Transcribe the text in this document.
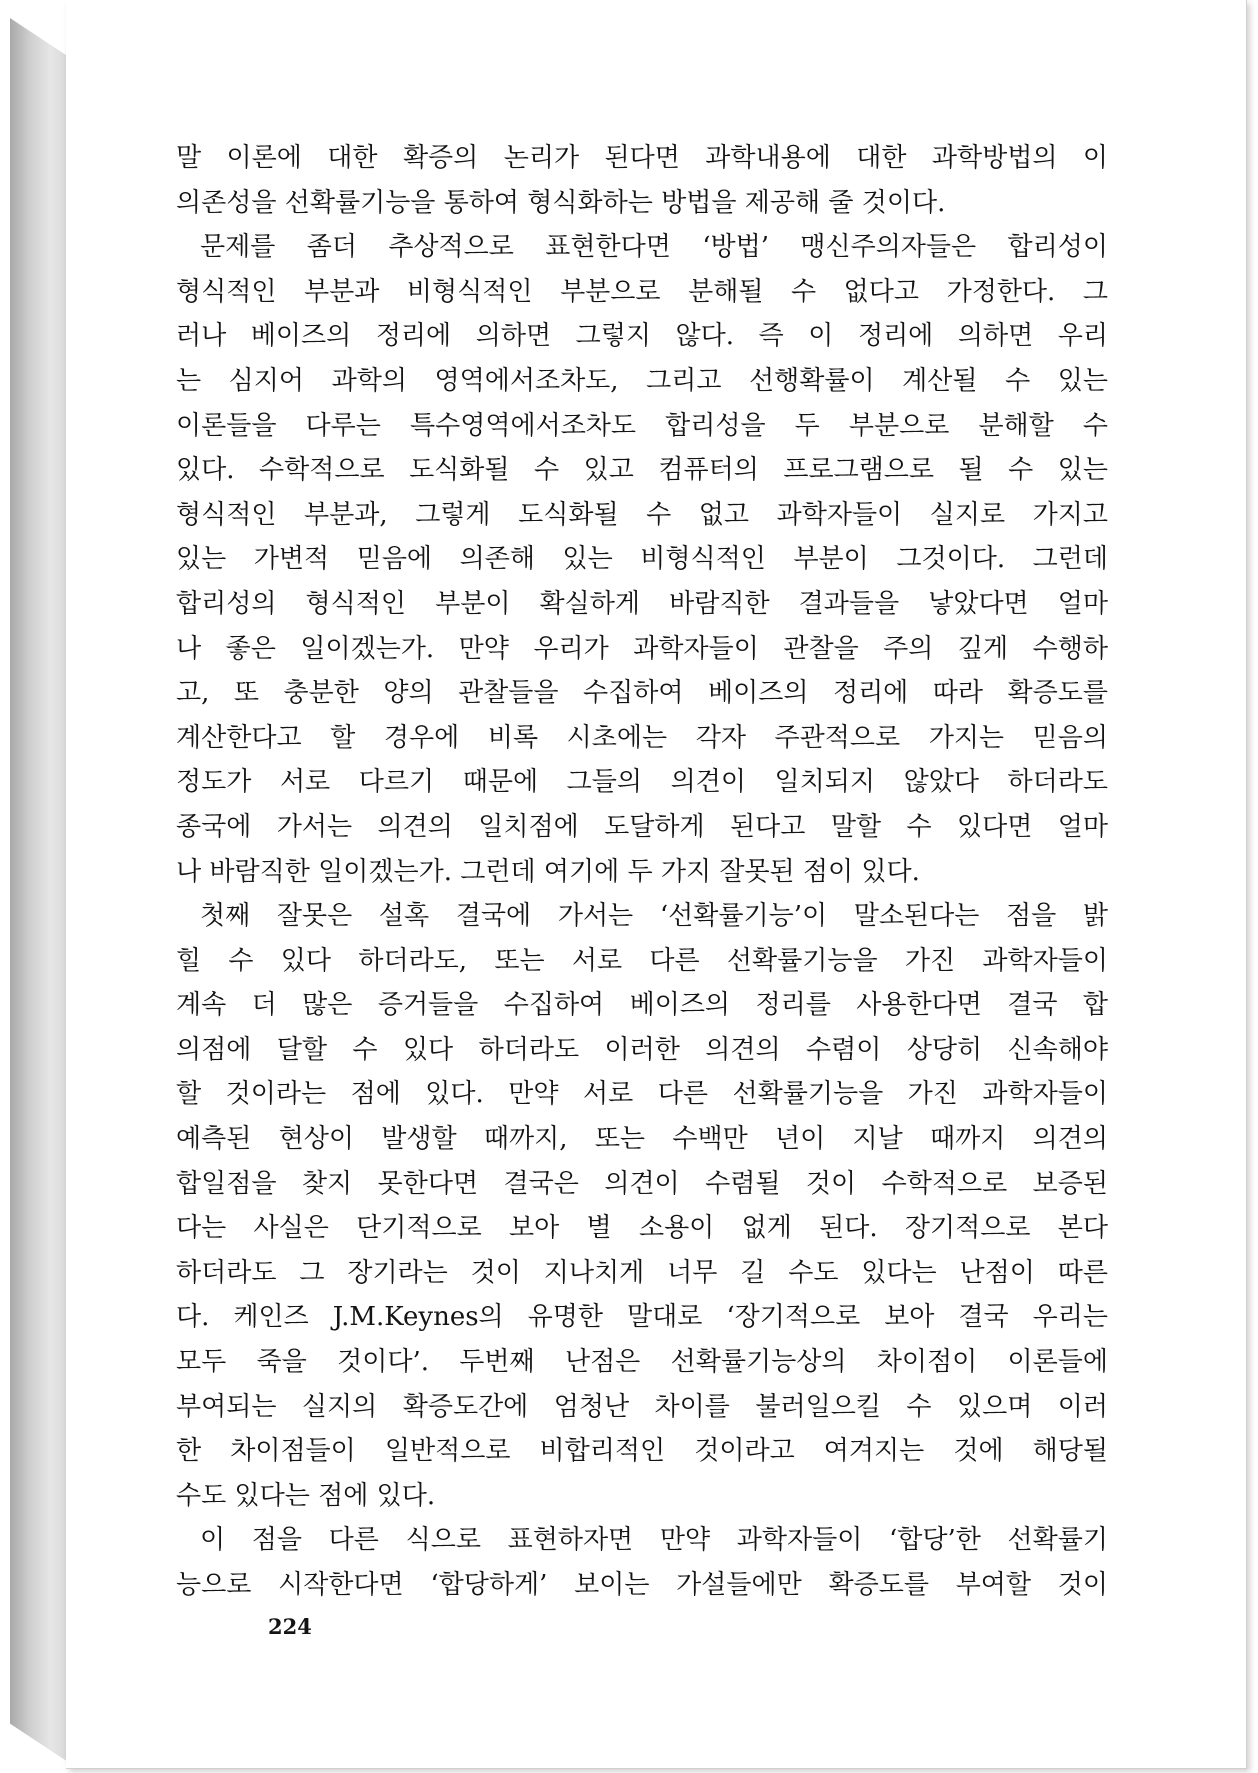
말 이론에 대한 확증의 논리가 된다면 과학내용에 대한 과학방법의 이
의존성을 선확률기능을 통하여 형식화하는 방법을 제공해 줄 것이다.
문제를 좀더 추상적으로 표현한다면 ‘방법’ 맹신주의자들은 합리성이
형식적인 부분과 비형식적인 부분으로 분해될 수 없다고 가정한다. 그
러나 베이즈의 정리에 의하면 그렇지 않다. 즉 이 정리에 의하면 우리
는 심지어 과학의 영역에서조차도, 그리고 선행확률이 계산될 수 있는
이론들을 다루는 특수영역에서조차도 합리성을 두 부분으로 분해할 수
있다. 수학적으로 도식화될 수 있고 컴퓨터의 프로그램으로 될 수 있는
형식적인 부분과, 그렇게 도식화될 수 없고 과학자들이 실지로 가지고
있는 가변적 믿음에 의존해 있는 비형식적인 부분이 그것이다. 그런데
합리성의 형식적인 부분이 확실하게 바람직한 결과들을 낳았다면 얼마
나 좋은 일이겠는가. 만약 우리가 과학자들이 관찰을 주의 깊게 수행하
고, 또 충분한 양의 관찰들을 수집하여 베이즈의 정리에 따라 확증도를
계산한다고 할 경우에 비록 시초에는 각자 주관적으로 가지는 믿음의
정도가 서로 다르기 때문에 그들의 의견이 일치되지 않았다 하더라도
종국에 가서는 의견의 일치점에 도달하게 된다고 말할 수 있다면 얼마
나 바람직한 일이겠는가. 그런데 여기에 두 가지 잘못된 점이 있다.
첫째 잘못은 설혹 결국에 가서는 ‘선확률기능’이 말소된다는 점을 밝
힐 수 있다 하더라도, 또는 서로 다른 선확률기능을 가진 과학자들이
계속 더 많은 증거들을 수집하여 베이즈의 정리를 사용한다면 결국 합
의점에 달할 수 있다 하더라도 이러한 의견의 수렴이 상당히 신속해야
할 것이라는 점에 있다. 만약 서로 다른 선확률기능을 가진 과학자들이
예측된 현상이 발생할 때까지, 또는 수백만 년이 지날 때까지 의견의
합일점을 찾지 못한다면 결국은 의견이 수렴될 것이 수학적으로 보증된
다는 사실은 단기적으로 보아 별 소용이 없게 된다. 장기적으로 본다
하더라도 그 장기라는 것이 지나치게 너무 길 수도 있다는 난점이 따른
다. 케인즈 J.M.Keynes의 유명한 말대로 ‘장기적으로 보아 결국 우리는
모두 죽을 것이다’. 두번째 난점은 선확률기능상의 차이점이 이론들에
부여되는 실지의 확증도간에 엄청난 차이를 불러일으킬 수 있으며 이러
한 차이점들이 일반적으로 비합리적인 것이라고 여겨지는 것에 해당될
수도 있다는 점에 있다.
이 점을 다른 식으로 표현하자면 만약 과학자들이 ‘합당’한 선확률기
능으로 시작한다면 ‘합당하게’ 보이는 가설들에만 확증도를 부여할 것이
224
